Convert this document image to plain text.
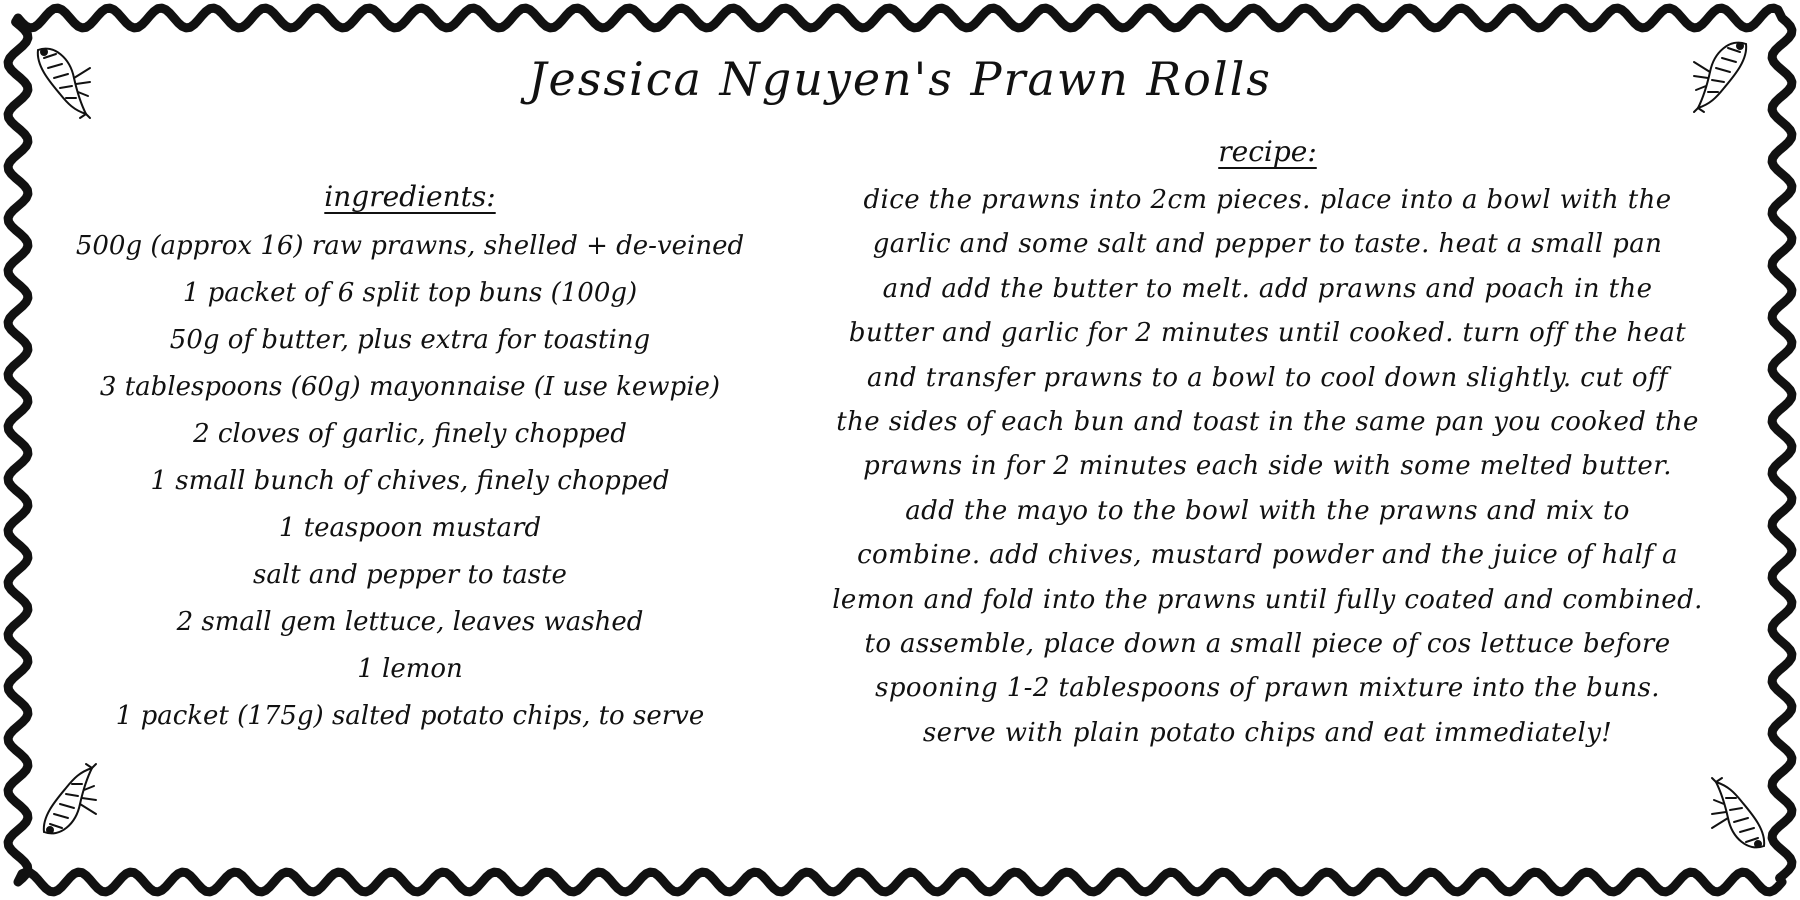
Jessica Nguyen's Prawn Rolls
ingredients:
500g (approx 16) raw prawns, shelled + de-veined
1 packet of 6 split top buns (100g)
50g of butter, plus extra for toasting
3 tablespoons (60g) mayonnaise (I use kewpie)
2 cloves of garlic, finely chopped
1 small bunch of chives, finely chopped
1 teaspoon mustard
salt and pepper to taste
2 small gem lettuce, leaves washed
1 lemon
1 packet (175g) salted potato chips, to serve
recipe:
dice the prawns into 2cm pieces. place into a bowl with the
garlic and some salt and pepper to taste. heat a small pan
and add the butter to melt. add prawns and poach in the
butter and garlic for 2 minutes until cooked. turn off the heat
and transfer prawns to a bowl to cool down slightly. cut off
the sides of each bun and toast in the same pan you cooked the
prawns in for 2 minutes each side with some melted butter.
add the mayo to the bowl with the prawns and mix to
combine. add chives, mustard powder and the juice of half a
lemon and fold into the prawns until fully coated and combined.
to assemble, place down a small piece of cos lettuce before
spooning 1-2 tablespoons of prawn mixture into the buns.
serve with plain potato chips and eat immediately!
